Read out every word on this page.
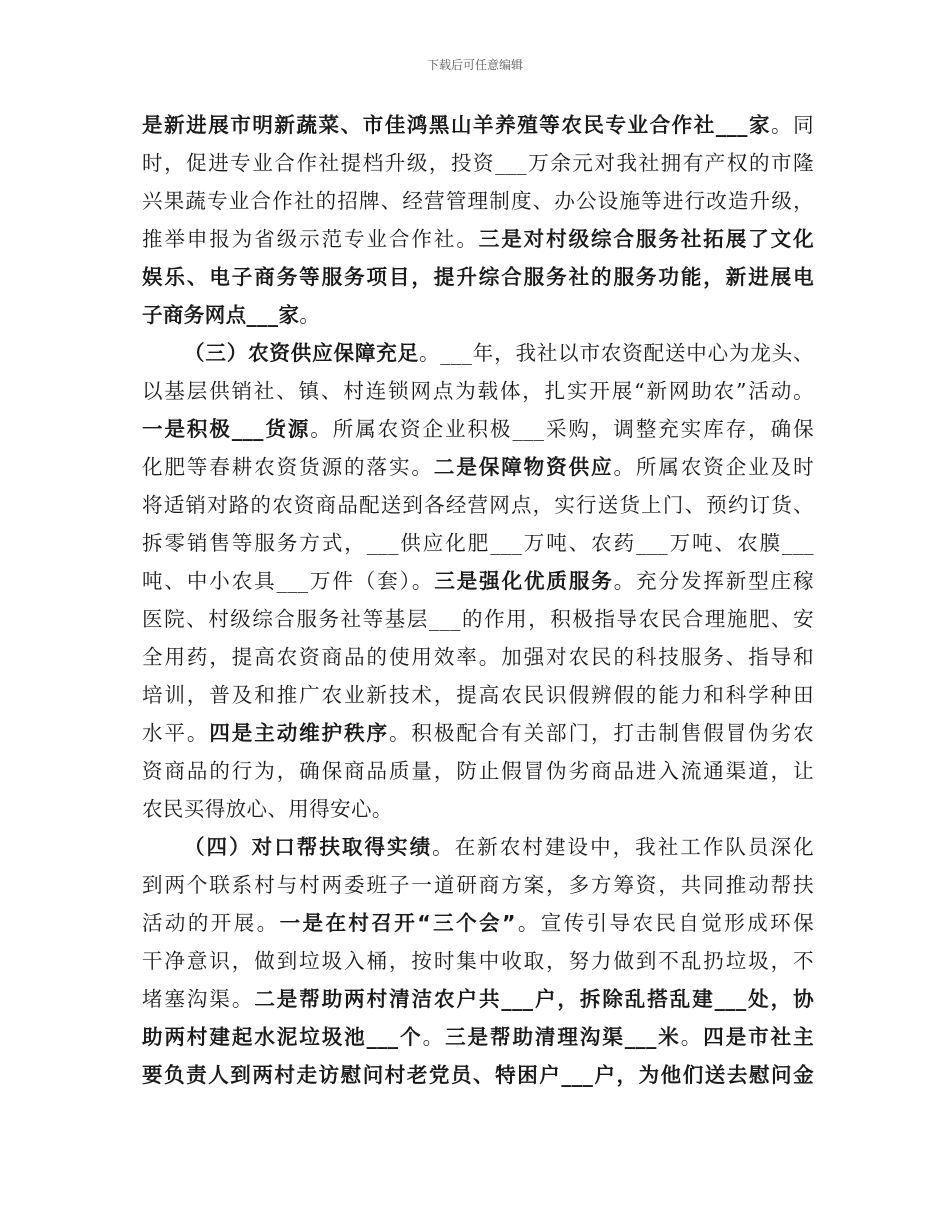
下载后可任意编辑
是新进展市明新蔬菜、市佳鸿黑山羊养殖等农民专业合作社___家。同
时，促进专业合作社提档升级，投资___万余元对我社拥有产权的市隆
兴果蔬专业合作社的招牌、经营管理制度、办公设施等进行改造升级，
推举申报为省级示范专业合作社。三是对村级综合服务社拓展了文化
娱乐、电子商务等服务项目，提升综合服务社的服务功能，新进展电
子商务网点___家。
（三）农资供应保障充足。___年，我社以市农资配送中心为龙头、
以基层供销社、镇、村连锁网点为载体，扎实开展“新网助农”活动。
一是积极___货源。所属农资企业积极___采购，调整充实库存，确保
化肥等春耕农资货源的落实。二是保障物资供应。所属农资企业及时
将适销对路的农资商品配送到各经营网点，实行送货上门、预约订货、
拆零销售等服务方式，___供应化肥___万吨、农药___万吨、农膜___
吨、中小农具___万件（套）。三是强化优质服务。充分发挥新型庄稼
医院、村级综合服务社等基层___的作用，积极指导农民合理施肥、安
全用药，提高农资商品的使用效率。加强对农民的科技服务、指导和
培训，普及和推广农业新技术，提高农民识假辨假的能力和科学种田
水平。四是主动维护秩序。积极配合有关部门，打击制售假冒伪劣农
资商品的行为，确保商品质量，防止假冒伪劣商品进入流通渠道，让
农民买得放心、用得安心。
（四）对口帮扶取得实绩。在新农村建设中，我社工作队员深化
到两个联系村与村两委班子一道研商方案，多方筹资，共同推动帮扶
活动的开展。一是在村召开“三个会”。宣传引导农民自觉形成环保
干净意识，做到垃圾入桶，按时集中收取，努力做到不乱扔垃圾，不
堵塞沟渠。二是帮助两村清洁农户共___户，拆除乱搭乱建___处，协
助两村建起水泥垃圾池___个。三是帮助清理沟渠___米。四是市社主
要负责人到两村走访慰问村老党员、特困户___户，为他们送去慰问金
